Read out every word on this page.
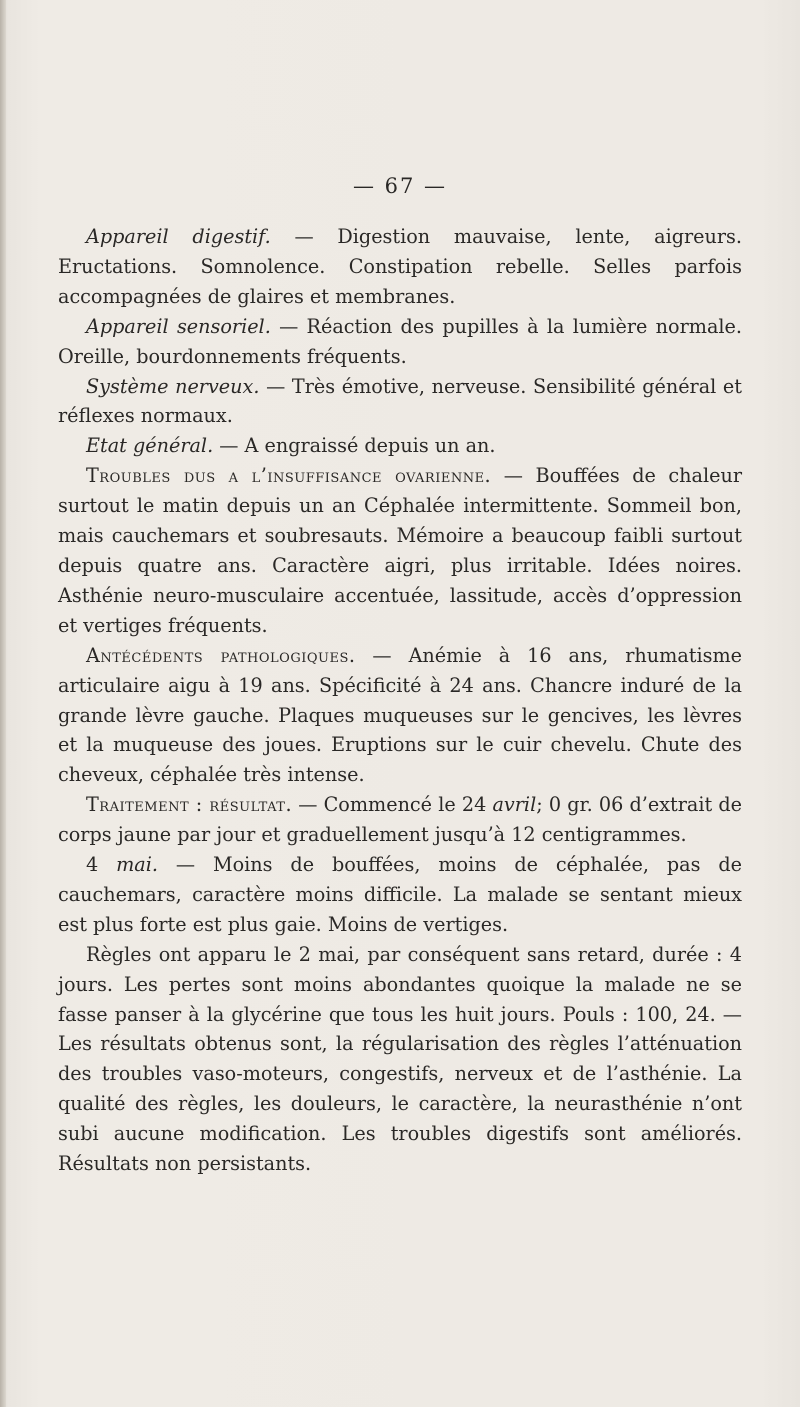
— 67 —

Appareil digestif. — Digestion mauvaise, lente, aigreurs. Eructations. Somnolence. Constipation rebelle. Selles parfois accompagnées de glaires et membranes.

Appareil sensoriel. — Réaction des pupilles à la lumière normale. Oreille, bourdonnements fréquents.

Système nerveux. — Très émotive, nerveuse. Sensibilité général et réflexes normaux.

Etat général. — A engraissé depuis un an.

Troubles dus a l’insuffisance ovarienne. — Bouffées de chaleur surtout le matin depuis un an Céphalée intermittente. Sommeil bon, mais cauchemars et soubresauts. Mémoire a beaucoup faibli surtout depuis quatre ans. Caractère aigri, plus irritable. Idées noires. Asthénie neuro-musculaire accentuée, lassitude, accès d’oppression et vertiges fréquents.

Antécédents pathologiques. — Anémie à 16 ans, rhumatisme articulaire aigu à 19 ans. Spécificité à 24 ans. Chancre induré de la grande lèvre gauche. Plaques muqueuses sur le gencives, les lèvres et la muqueuse des joues. Eruptions sur le cuir chevelu. Chute des cheveux, céphalée très intense.

Traitement : résultat. — Commencé le 24 avril; 0 gr. 06 d’extrait de corps jaune par jour et graduellement jusqu’à 12 centigrammes.

4 mai. — Moins de bouffées, moins de céphalée, pas de cauchemars, caractère moins difficile. La malade se sentant mieux est plus forte est plus gaie. Moins de vertiges.

Règles ont apparu le 2 mai, par conséquent sans retard, durée : 4 jours. Les pertes sont moins abondantes quoique la malade ne se fasse panser à la glycérine que tous les huit jours. Pouls : 100, 24. — Les résultats obtenus sont, la régularisation des règles l’atténuation des troubles vaso-moteurs, congestifs, nerveux et de l’asthénie. La qualité des règles, les douleurs, le caractère, la neurasthénie n’ont subi aucune modification. Les troubles digestifs sont améliorés. Résultats non persistants.
